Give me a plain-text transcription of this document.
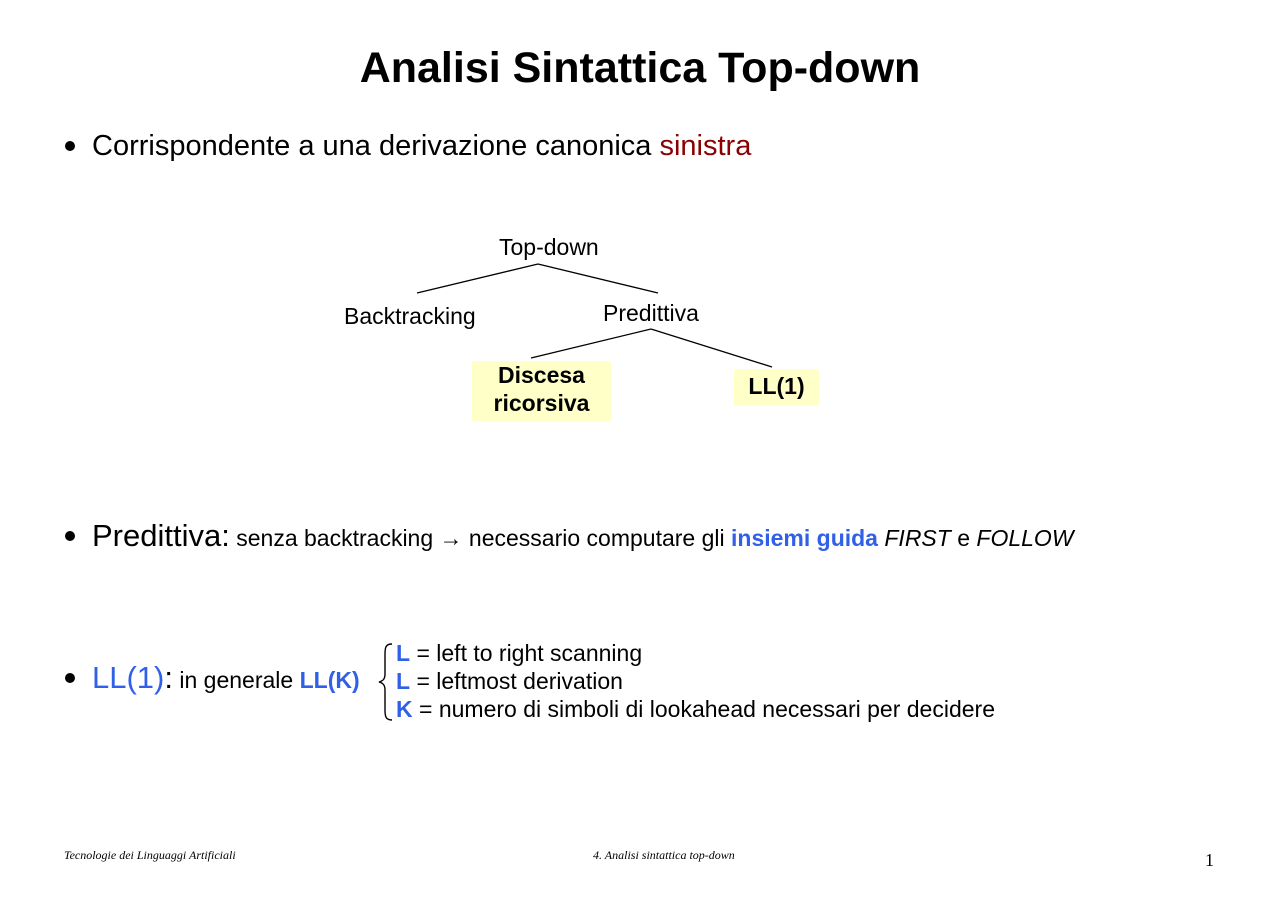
Analisi Sintattica Top-down
Corrispondente a una derivazione canonica sinistra
Top-down
Backtracking	Predittiva
Discesa
ricorsiva
LL(1)
Predittiva: senza backtracking → necessario computare gli insiemi guida FIRST e FOLLOW
LL(1): in generale LL(K)
L = left to right scanning
L = leftmost derivation
K = numero di simboli di lookahead necessari per decidere
Tecnologie dei Linguaggi Artificiali	4. Analisi sintattica top-down	1
